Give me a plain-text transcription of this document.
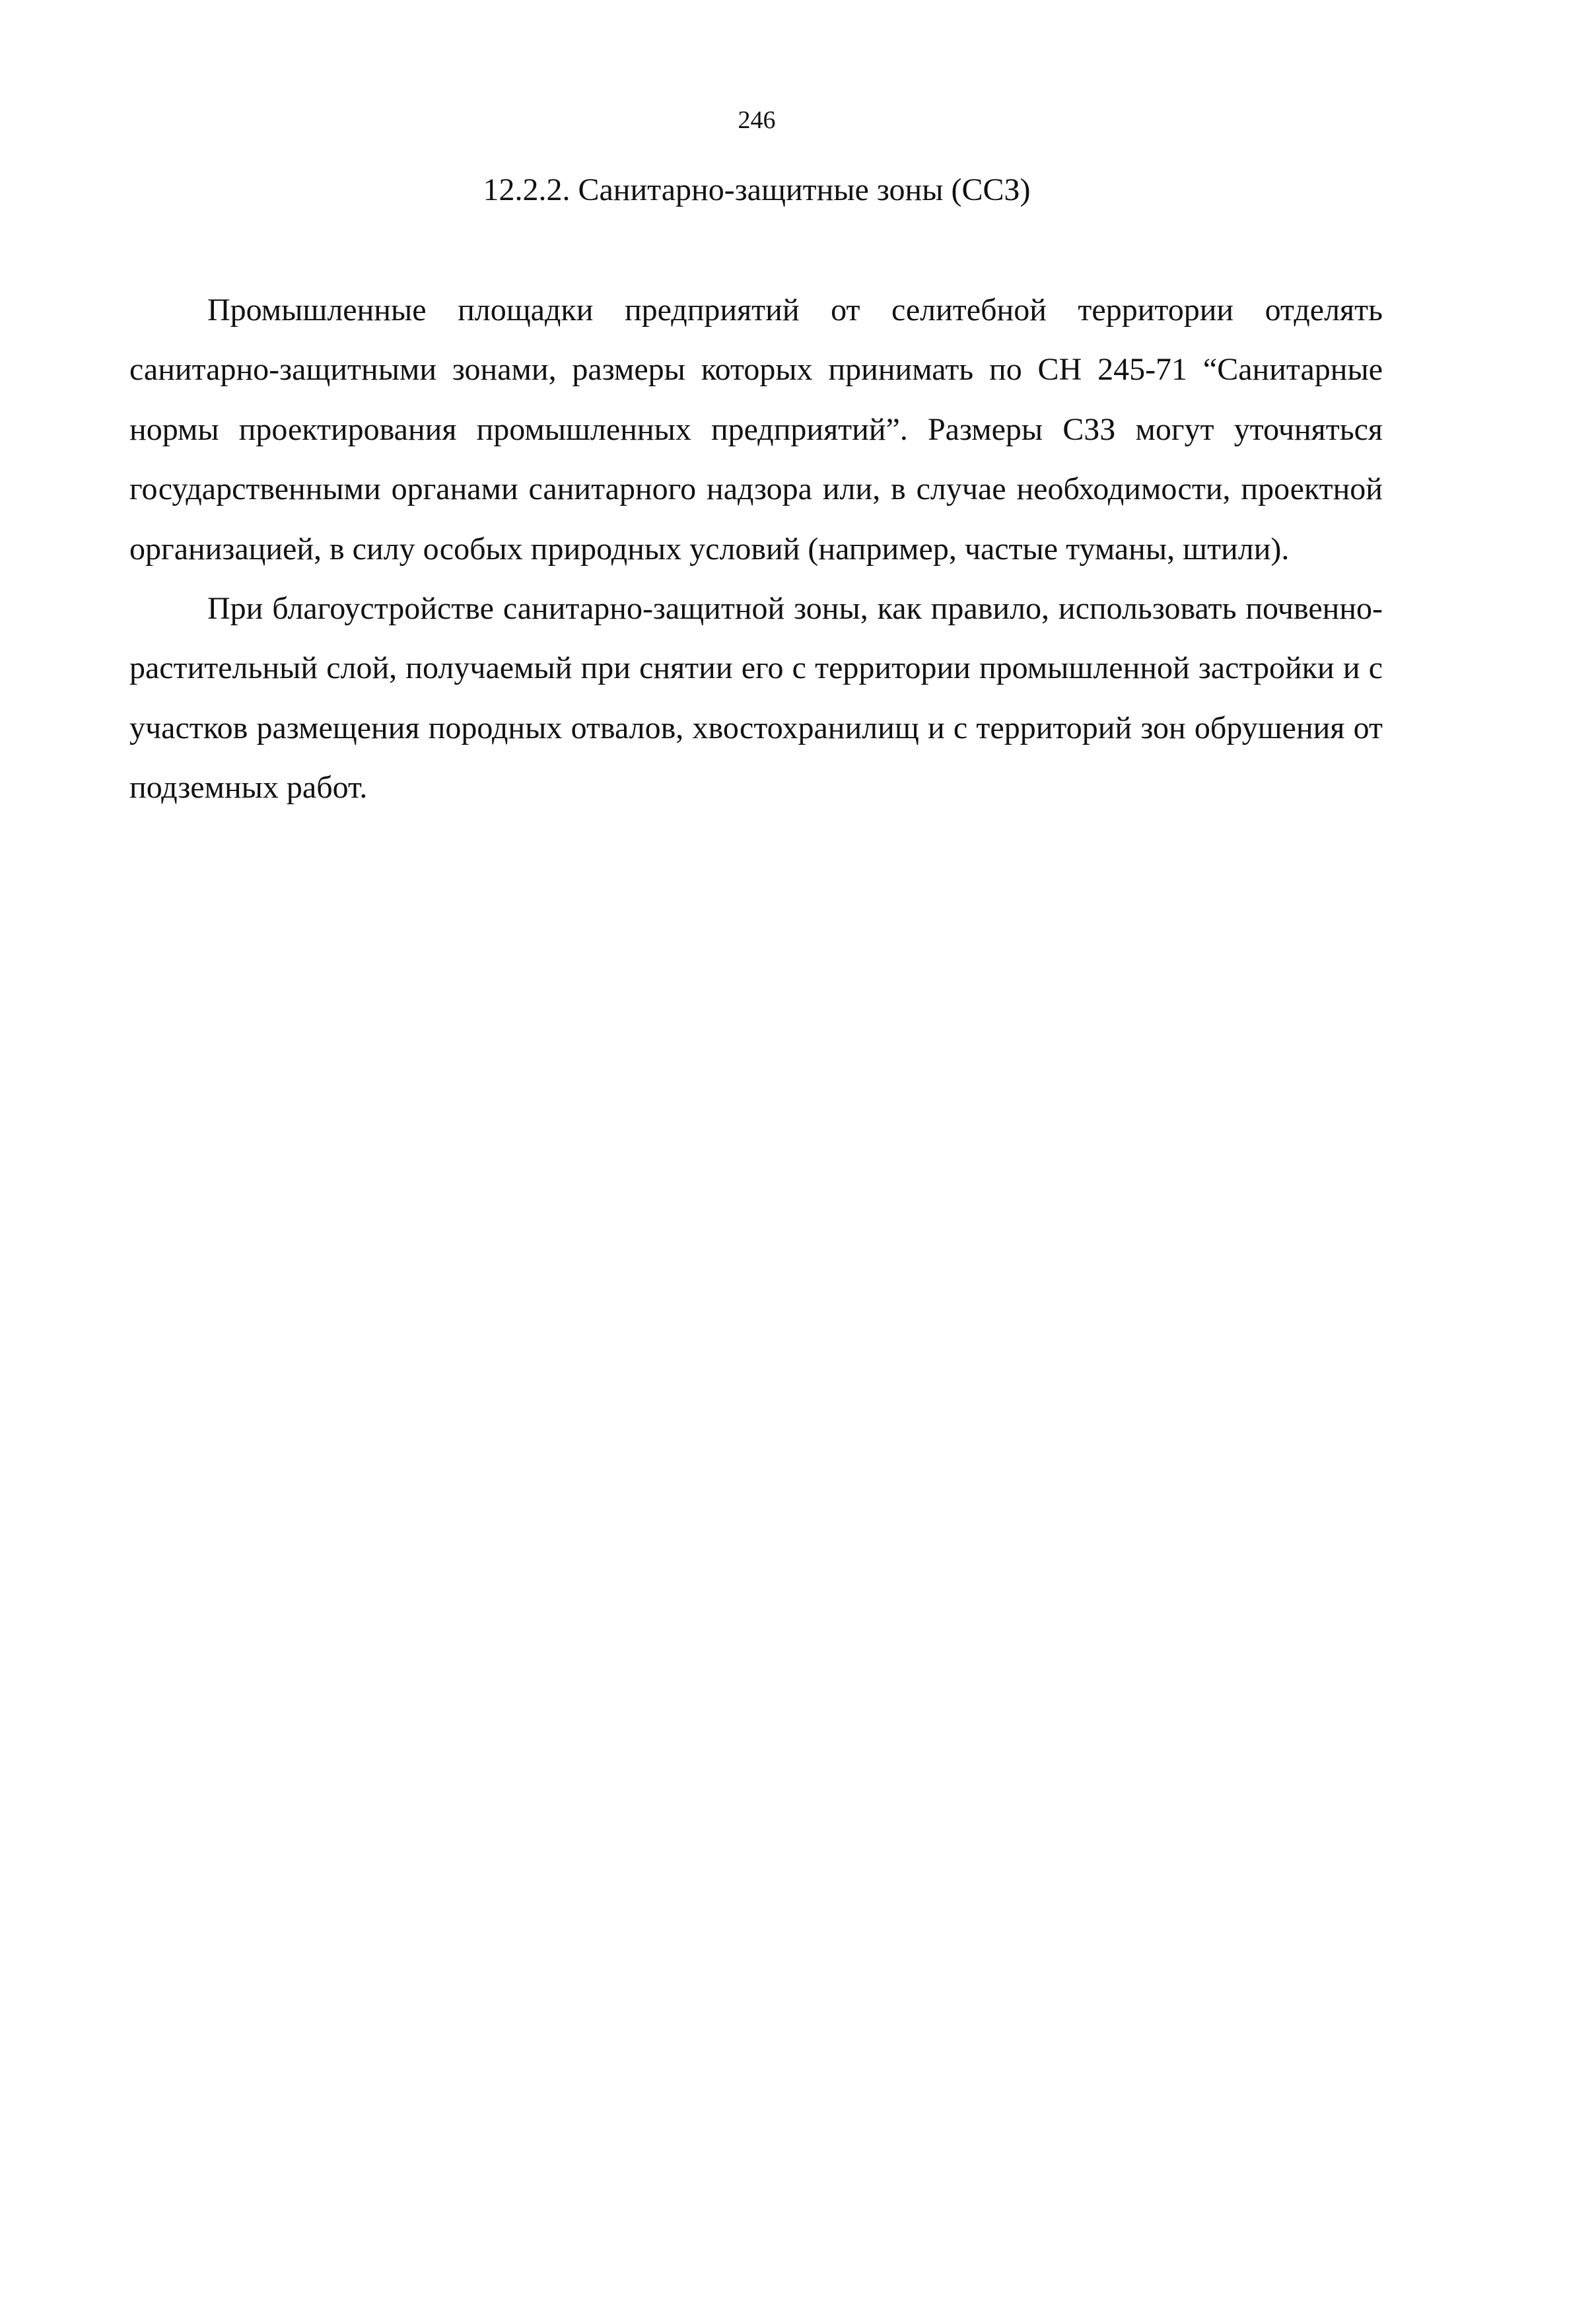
246
12.2.2. Санитарно-защитные зоны (ССЗ)

Промышленные площадки предприятий от селитебной территории отделять санитарно-защитными зонами, размеры которых принимать по СН 245-71 “Санитарные нормы проектирования промышленных предприятий”. Размеры СЗЗ могут уточняться государственными органами санитарного надзора или, в случае необходимости, проектной организацией, в силу особых природных условий (например, частые туманы, штили).

При благоустройстве санитарно-защитной зоны, как правило, использовать почвенно-растительный слой, получаемый при снятии его с территории промышленной застройки и с участков размещения породных отвалов, хвостохранилищ и с территорий зон обрушения от подземных работ.
